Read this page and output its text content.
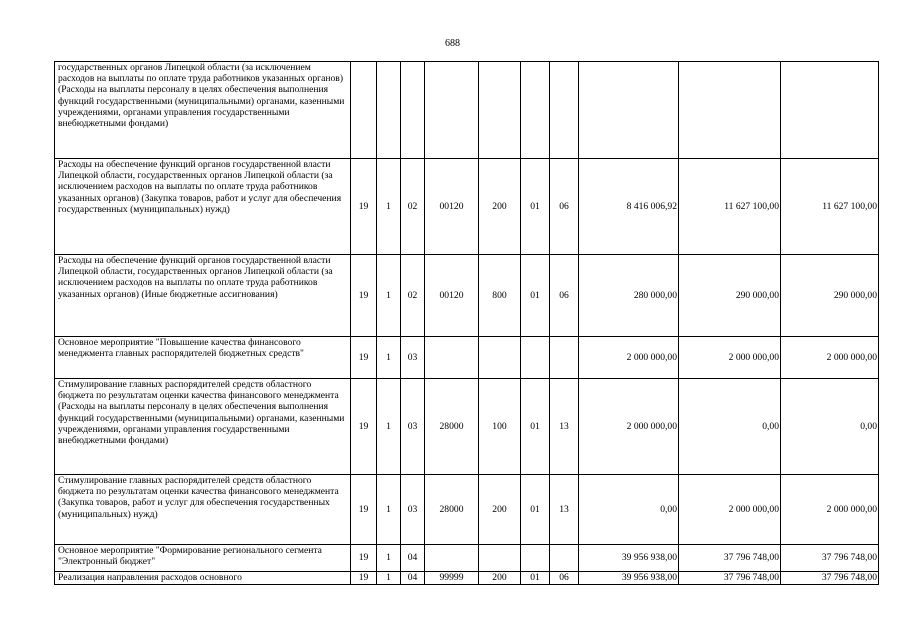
688
государственных органов Липецкой области (за исключением расходов на выплаты по оплате труда работников указанных органов) (Расходы на выплаты персоналу в целях обеспечения выполнения функций государственными (муниципальными) органами, казенными учреждениями, органами управления государственными внебюджетными фондами)										
Расходы на обеспечение функций органов государственной власти Липецкой области, государственных органов Липецкой области (за исключением расходов на выплаты по оплате труда работников указанных органов) (Закупка товаров, работ и услуг для обеспечения государственных (муниципальных) нужд)	19	1	02	00120	200	01	06	8 416 006,92	11 627 100,00	11 627 100,00
Расходы на обеспечение функций органов государственной власти Липецкой области, государственных органов Липецкой области (за исключением расходов на выплаты по оплате труда работников указанных органов) (Иные бюджетные ассигнования)	19	1	02	00120	800	01	06	280 000,00	290 000,00	290 000,00
Основное мероприятие "Повышение качества финансового менеджмента главных распорядителей бюджетных средств"	19	1	03					2 000 000,00	2 000 000,00	2 000 000,00
Стимулирование главных распорядителей средств областного бюджета по результатам оценки качества финансового менеджмента (Расходы на выплаты персоналу в целях обеспечения выполнения функций государственными (муниципальными) органами, казенными учреждениями, органами управления государственными внебюджетными фондами)	19	1	03	28000	100	01	13	2 000 000,00	0,00	0,00
Стимулирование главных распорядителей средств областного бюджета по результатам оценки качества финансового менеджмента (Закупка товаров, работ и услуг для обеспечения государственных (муниципальных) нужд)	19	1	03	28000	200	01	13	0,00	2 000 000,00	2 000 000,00
Основное мероприятие "Формирование регионального сегмента "Электронный бюджет"	19	1	04					39 956 938,00	37 796 748,00	37 796 748,00
Реализация направления расходов основного	19	1	04	99999	200	01	06	39 956 938,00	37 796 748,00	37 796 748,00
